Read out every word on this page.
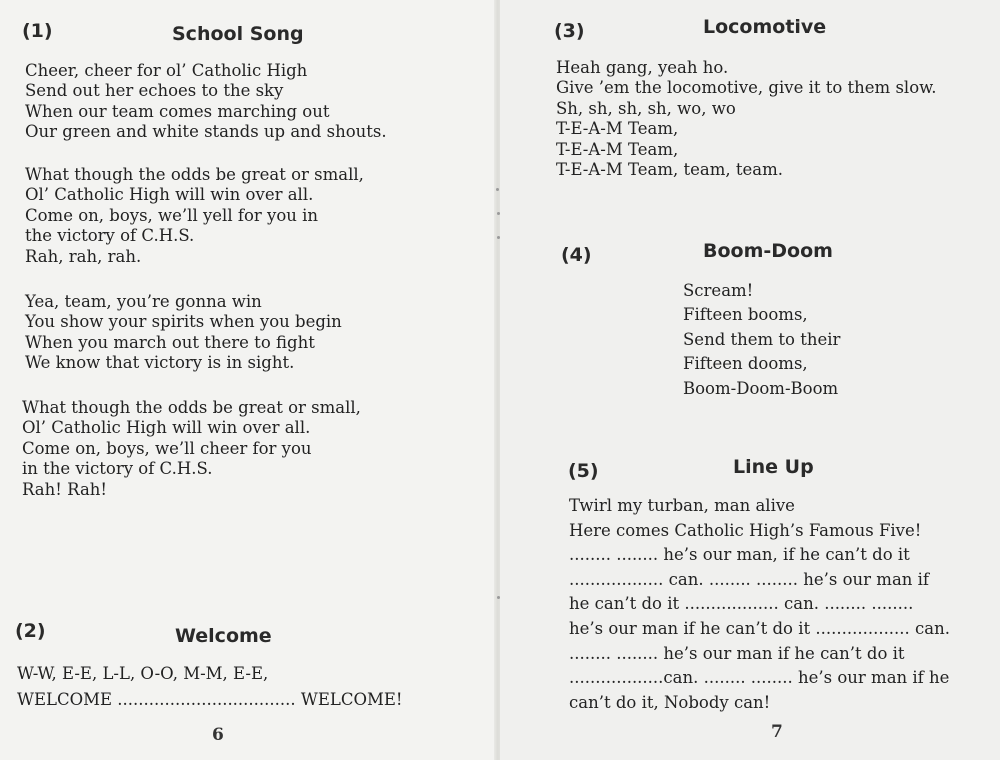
(1)	School Song
Cheer, cheer for ol’ Catholic High
Send out her echoes to the sky
When our team comes marching out
Our green and white stands up and shouts.
What though the odds be great or small,
Ol’ Catholic High will win over all.
Come on, boys, we’ll yell for you in
the victory of C.H.S.
Rah, rah, rah.
Yea, team, you’re gonna win
You show your spirits when you begin
When you march out there to fight
We know that victory is in sight.
What though the odds be great or small,
Ol’ Catholic High will win over all.
Come on, boys, we’ll cheer for you
in the victory of C.H.S.
Rah! Rah!
(2)	Welcome
W-W, E-E, L-L, O-O, M-M, E-E,
WELCOME .................................. WELCOME!
6
(3)	Locomotive
Heah gang, yeah ho.
Give ’em the locomotive, give it to them slow.
Sh, sh, sh, sh, wo, wo
T-E-A-M Team,
T-E-A-M Team,
T-E-A-M Team, team, team.
(4)	Boom-Doom
Scream!
Fifteen booms,
Send them to their
Fifteen dooms,
Boom-Doom-Boom
(5)	Line Up
Twirl my turban, man alive
Here comes Catholic High’s Famous Five!
........ ........ he’s our man, if he can’t do it
.................. can. ........ ........ he’s our man if
he can’t do it .................. can. ........ ........
he’s our man if he can’t do it .................. can.
........ ........ he’s our man if he can’t do it
..................can. ........ ........ he’s our man if he
can’t do it, Nobody can!
7
